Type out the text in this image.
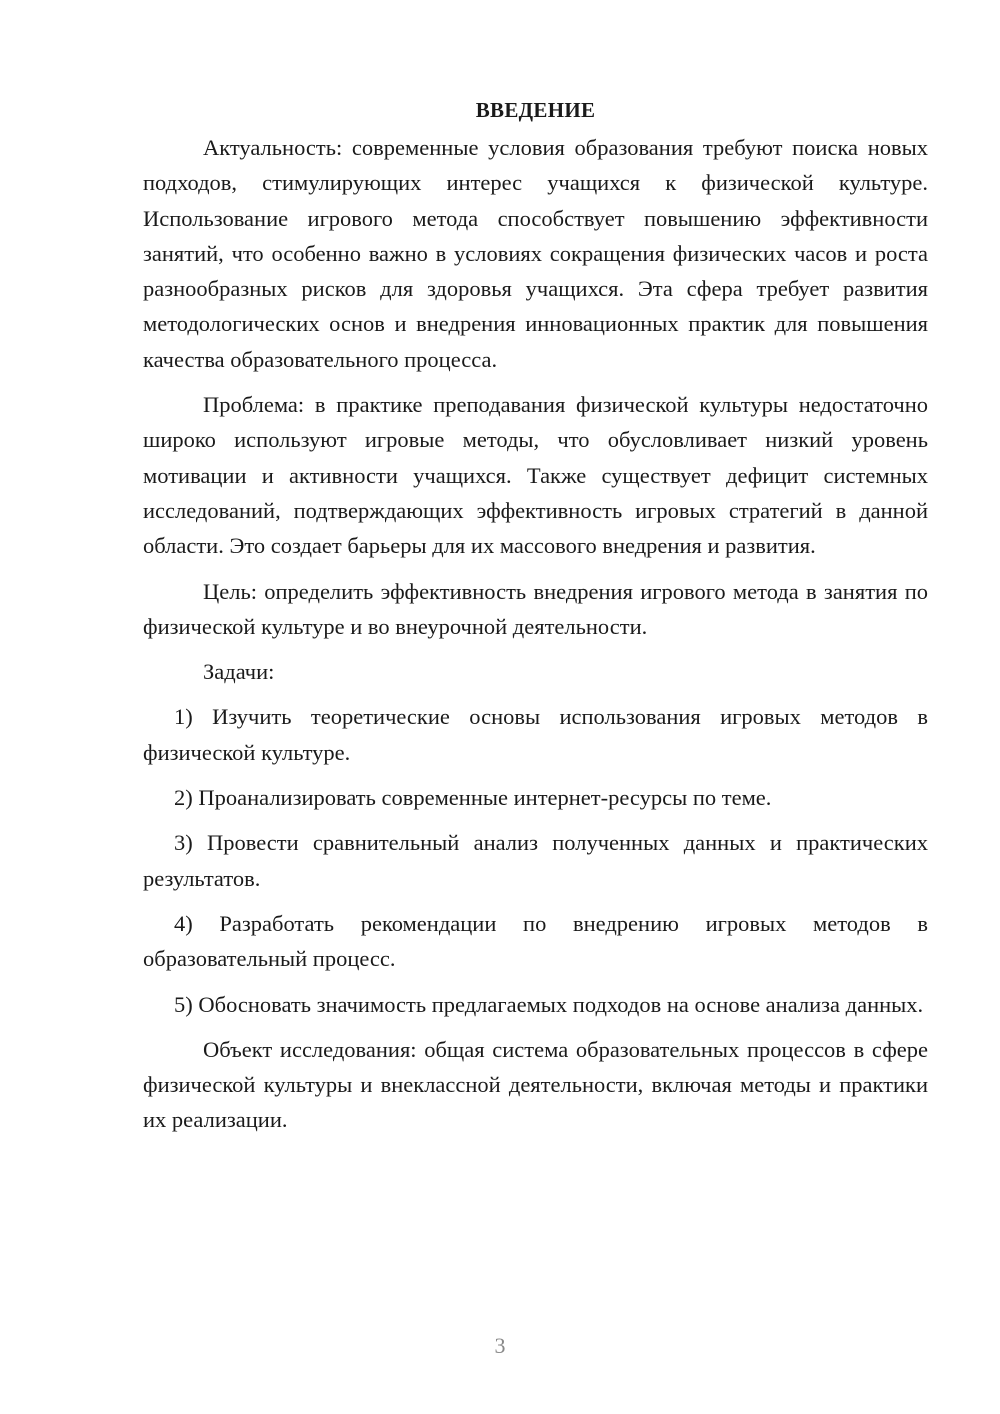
ВВЕДЕНИЕ

Актуальность: современные условия образования требуют поиска новых подходов, стимулирующих интерес учащихся к физической культуре. Использование игрового метода способствует повышению эффективности занятий, что особенно важно в условиях сокращения физических часов и роста разнообразных рисков для здоровья учащихся. Эта сфера требует развития методологических основ и внедрения инновационных практик для повышения качества образовательного процесса.

Проблема: в практике преподавания физической культуры недостаточно широко используют игровые методы, что обусловливает низкий уровень мотивации и активности учащихся. Также существует дефицит системных исследований, подтверждающих эффективность игровых стратегий в данной области. Это создает барьеры для их массового внедрения и развития.

Цель: определить эффективность внедрения игрового метода в занятия по физической культуре и во внеурочной деятельности.

Задачи:

1) Изучить теоретические основы использования игровых методов в физической культуре.

2) Проанализировать современные интернет-ресурсы по теме.

3) Провести сравнительный анализ полученных данных и практических результатов.

4) Разработать рекомендации по внедрению игровых методов в образовательный процесс.

5) Обосновать значимость предлагаемых подходов на основе анализа данных.

Объект исследования: общая система образовательных процессов в сфере физической культуры и внеклассной деятельности, включая методы и практики их реализации.

3
